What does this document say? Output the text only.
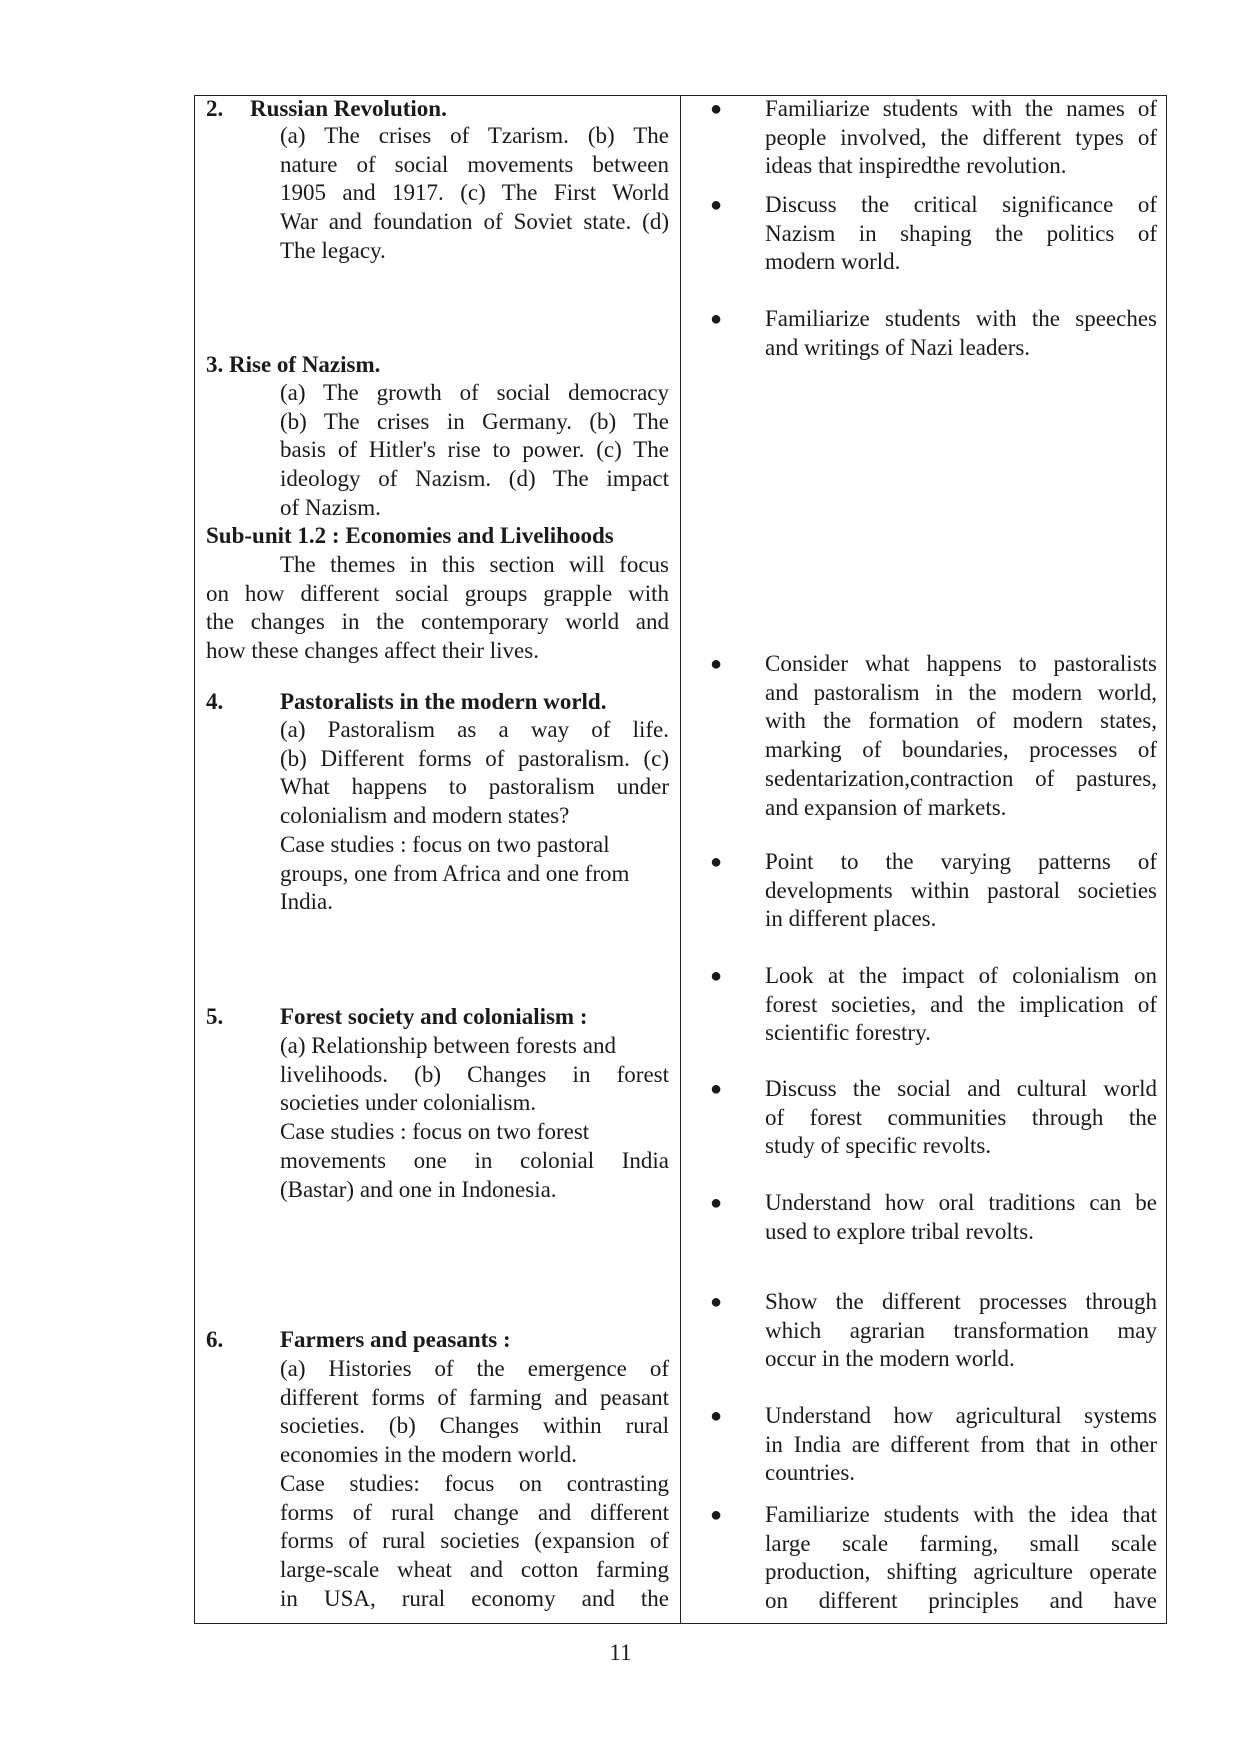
2. Russian Revolution.
(a) The crises of Tzarism. (b) The
nature of social movements between
1905 and 1917. (c) The First World
War and foundation of Soviet state. (d)
The legacy.
3. Rise of Nazism.
(a) The growth of social democracy
(b) The crises in Germany. (b) The
basis of Hitler's rise to power. (c) The
ideology of Nazism. (d) The impact
of Nazism.
Sub-unit 1.2 : Economies and Livelihoods
The themes in this section will focus
on how different social groups grapple with
the changes in the contemporary world and
how these changes affect their lives.
4. Pastoralists in the modern world.
(a) Pastoralism as a way of life.
(b) Different forms of pastoralism. (c)
What happens to pastoralism under
colonialism and modern states?
Case studies : focus on two pastoral
groups, one from Africa and one from
India.
5. Forest society and colonialism :
(a) Relationship between forests and
livelihoods. (b) Changes in forest
societies under colonialism.
Case studies : focus on two forest
movements one in colonial India
(Bastar) and one in Indonesia.
6. Farmers and peasants :
(a) Histories of the emergence of
different forms of farming and peasant
societies. (b) Changes within rural
economies in the modern world.
Case studies: focus on contrasting
forms of rural change and different
forms of rural societies (expansion of
large-scale wheat and cotton farming
in USA, rural economy and the
● Familiarize students with the names of
people involved, the different types of
ideas that inspiredthe revolution.
● Discuss the critical significance of
Nazism in shaping the politics of
modern world.
● Familiarize students with the speeches
and writings of Nazi leaders.
● Consider what happens to pastoralists
and pastoralism in the modern world,
with the formation of modern states,
marking of boundaries, processes of
sedentarization,contraction of pastures,
and expansion of markets.
● Point to the varying patterns of
developments within pastoral societies
in different places.
● Look at the impact of colonialism on
forest societies, and the implication of
scientific forestry.
● Discuss the social and cultural world
of forest communities through the
study of specific revolts.
● Understand how oral traditions can be
used to explore tribal revolts.
● Show the different processes through
which agrarian transformation may
occur in the modern world.
● Understand how agricultural systems
in India are different from that in other
countries.
● Familiarize students with the idea that
large scale farming, small scale
production, shifting agriculture operate
on different principles and have
11
